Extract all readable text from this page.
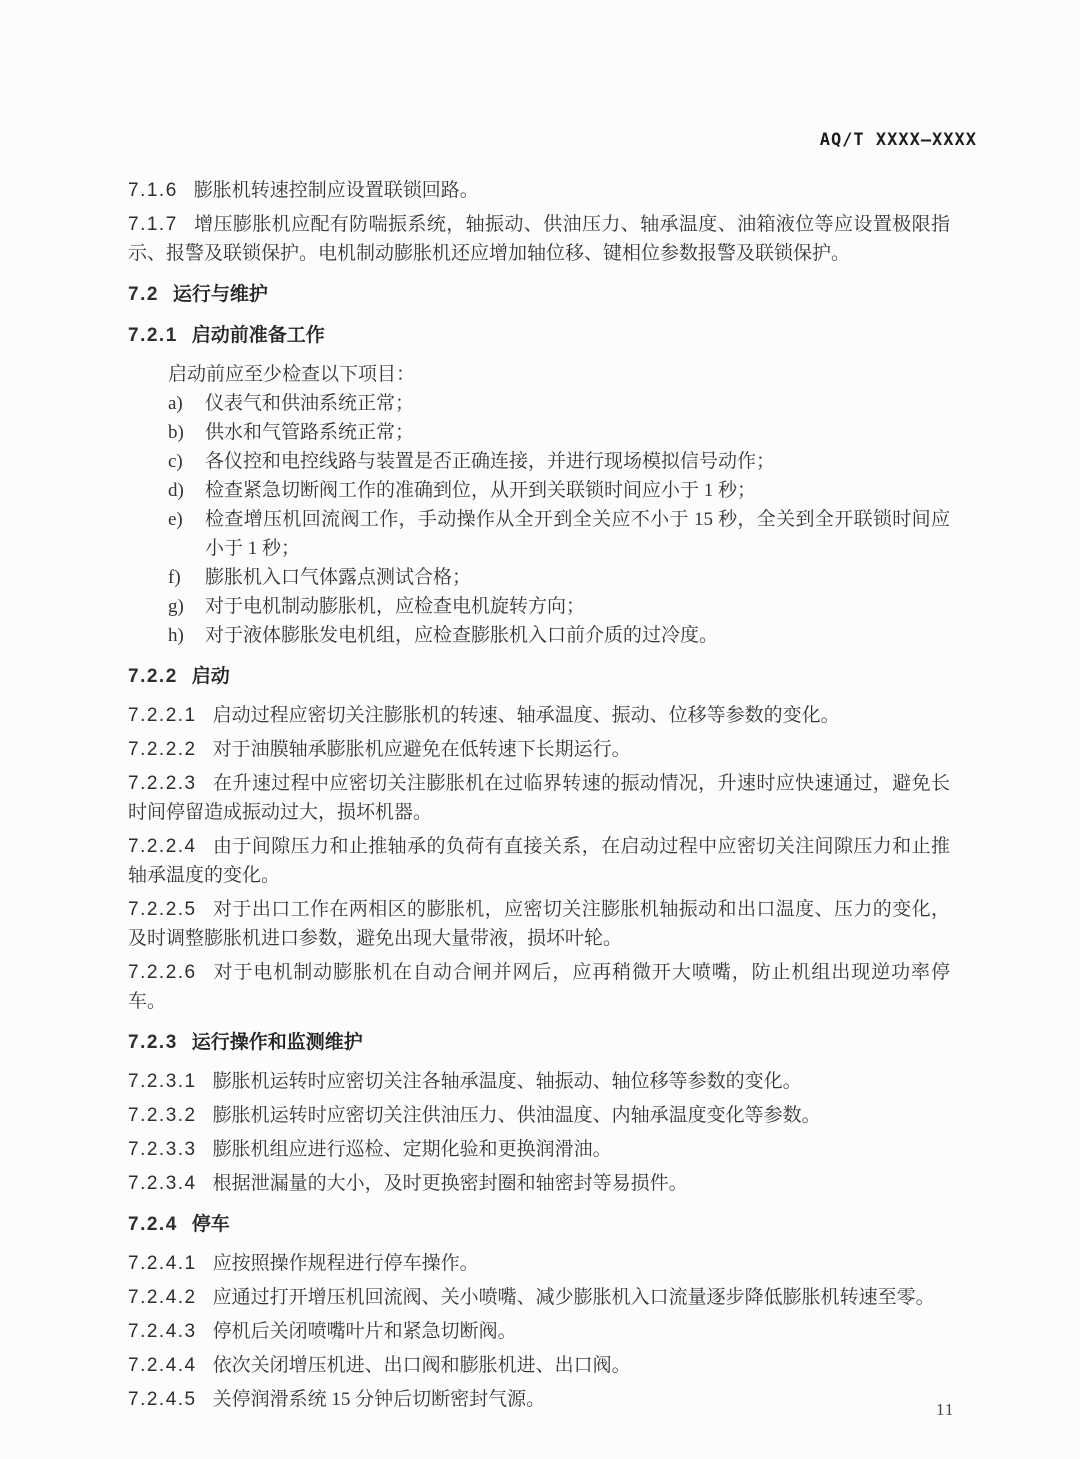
AQ/T XXXX—XXXX

7.1.6 膨胀机转速控制应设置联锁回路。

7.1.7 增压膨胀机应配有防喘振系统，轴振动、供油压力、轴承温度、油箱液位等应设置极限指示、报警及联锁保护。电机制动膨胀机还应增加轴位移、键相位参数报警及联锁保护。

7.2 运行与维护
7.2.1 启动前准备工作

启动前应至少检查以下项目：

a)	仪表气和供油系统正常；
b)	供水和气管路系统正常；
c)	各仪控和电控线路与装置是否正确连接，并进行现场模拟信号动作；
d)	检查紧急切断阀工作的准确到位，从开到关联锁时间应小于 1 秒；
e)	检查增压机回流阀工作，手动操作从全开到全关应不小于 15 秒，全关到全开联锁时间应小于 1 秒；
f)	膨胀机入口气体露点测试合格；
g)	对于电机制动膨胀机，应检查电机旋转方向；
h)	对于液体膨胀发电机组，应检查膨胀机入口前介质的过冷度。
7.2.2 启动

7.2.2.1 启动过程应密切关注膨胀机的转速、轴承温度、振动、位移等参数的变化。

7.2.2.2 对于油膜轴承膨胀机应避免在低转速下长期运行。

7.2.2.3 在升速过程中应密切关注膨胀机在过临界转速的振动情况，升速时应快速通过，避免长时间停留造成振动过大，损坏机器。

7.2.2.4 由于间隙压力和止推轴承的负荷有直接关系，在启动过程中应密切关注间隙压力和止推轴承温度的变化。

7.2.2.5 对于出口工作在两相区的膨胀机，应密切关注膨胀机轴振动和出口温度、压力的变化，及时调整膨胀机进口参数，避免出现大量带液，损坏叶轮。

7.2.2.6 对于电机制动膨胀机在自动合闸并网后，应再稍微开大喷嘴，防止机组出现逆功率停车。

7.2.3 运行操作和监测维护

7.2.3.1 膨胀机运转时应密切关注各轴承温度、轴振动、轴位移等参数的变化。

7.2.3.2 膨胀机运转时应密切关注供油压力、供油温度、内轴承温度变化等参数。

7.2.3.3 膨胀机组应进行巡检、定期化验和更换润滑油。

7.2.3.4 根据泄漏量的大小，及时更换密封圈和轴密封等易损件。

7.2.4 停车

7.2.4.1 应按照操作规程进行停车操作。

7.2.4.2 应通过打开增压机回流阀、关小喷嘴、减少膨胀机入口流量逐步降低膨胀机转速至零。

7.2.4.3 停机后关闭喷嘴叶片和紧急切断阀。

7.2.4.4 依次关闭增压机进、出口阀和膨胀机进、出口阀。

7.2.4.5 关停润滑系统 15 分钟后切断密封气源。	11
